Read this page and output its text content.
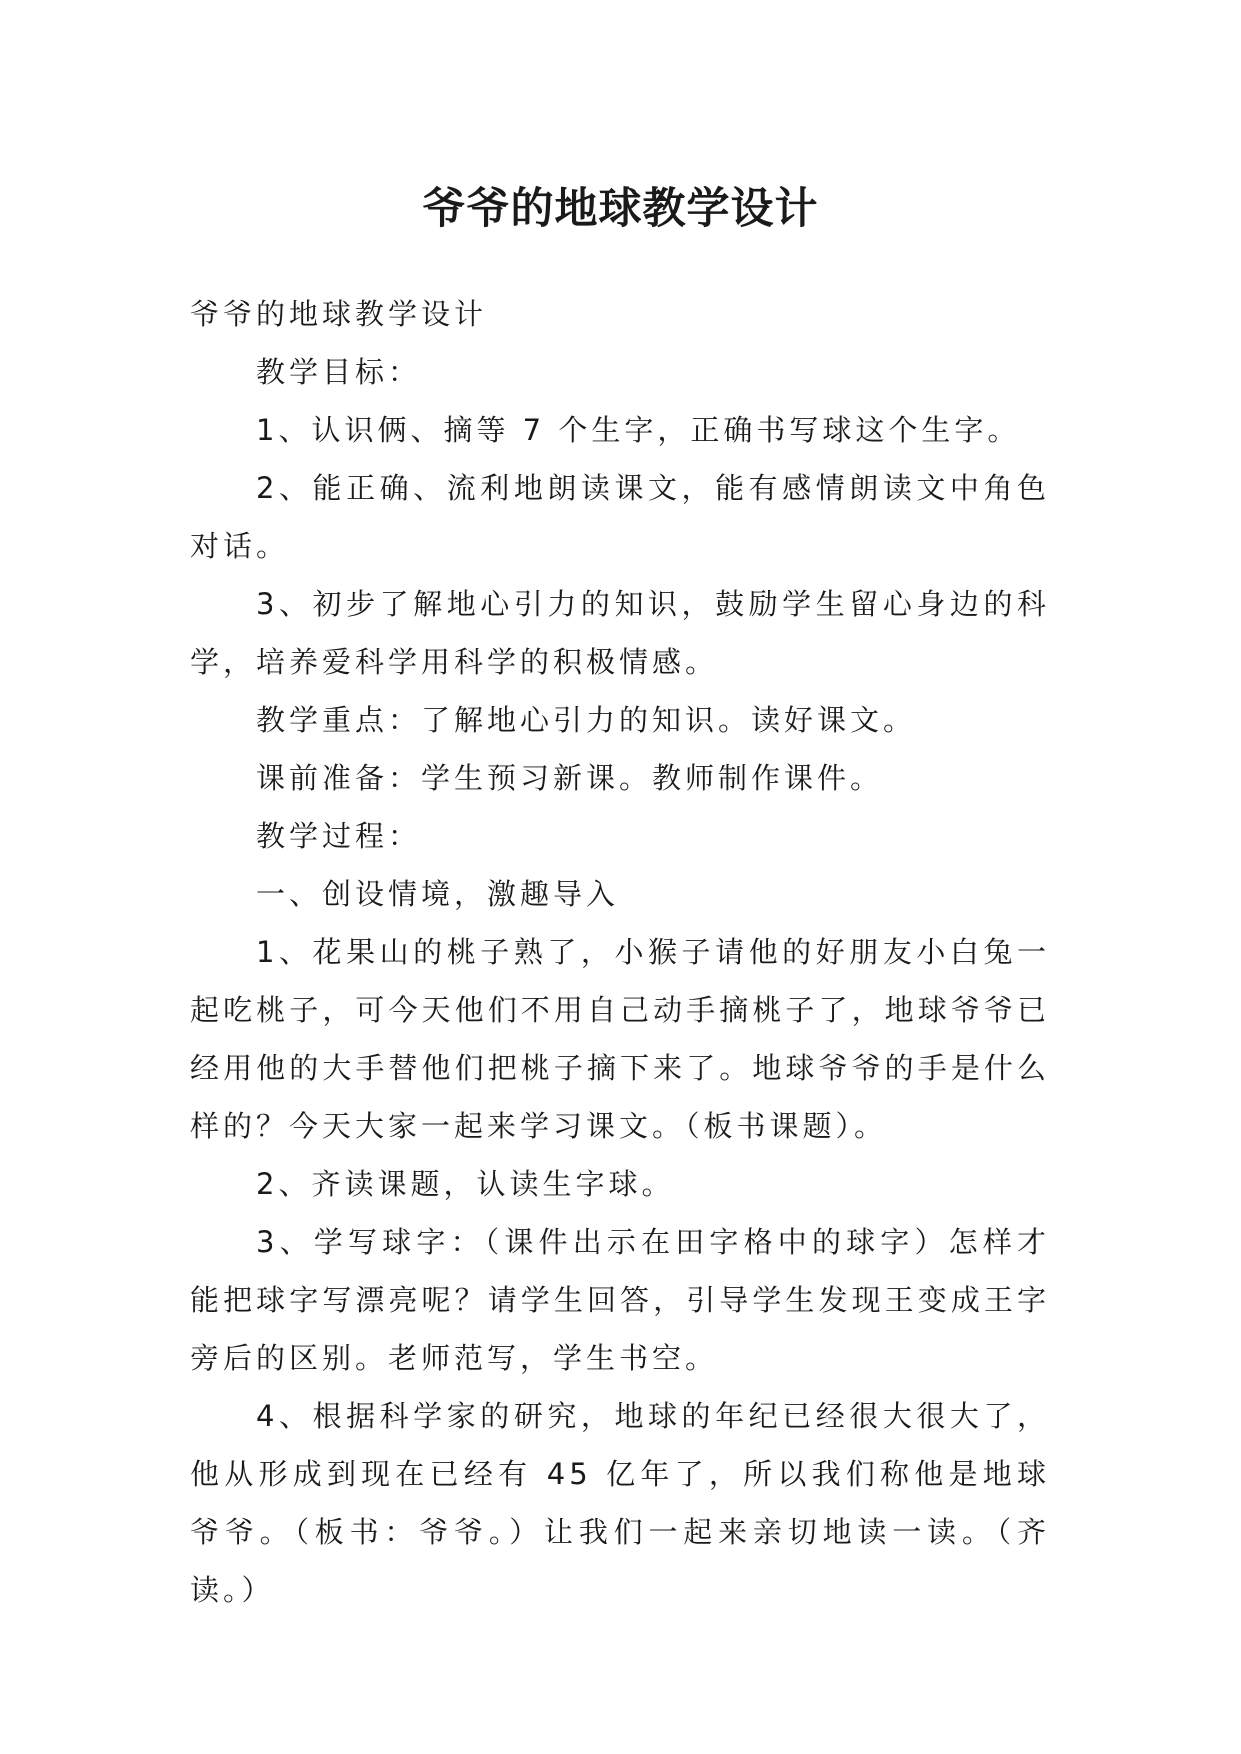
爷爷的地球教学设计

爷爷的地球教学设计

教学目标：

1、认识俩、摘等 7 个生字，正确书写球这个生字。

2、能正确、流利地朗读课文，能有感情朗读文中角色对话。

3、初步了解地心引力的知识，鼓励学生留心身边的科学，培养爱科学用科学的积极情感。

教学重点：了解地心引力的知识。读好课文。

课前准备：学生预习新课。教师制作课件。

教学过程：

一、创设情境，激趣导入

1、花果山的桃子熟了，小猴子请他的好朋友小白兔一起吃桃子，可今天他们不用自己动手摘桃子了，地球爷爷已经用他的大手替他们把桃子摘下来了。地球爷爷的手是什么样的？今天大家一起来学习课文。（板书课题）。

2、齐读课题，认读生字球。

3、学写球字：（课件出示在田字格中的球字）怎样才能把球字写漂亮呢？请学生回答，引导学生发现王变成王字旁后的区别。老师范写，学生书空。

4、根据科学家的研究，地球的年纪已经很大很大了，他从形成到现在已经有 45 亿年了，所以我们称他是地球爷爷。（板书：爷爷。）让我们一起来亲切地读一读。（齐读。）
